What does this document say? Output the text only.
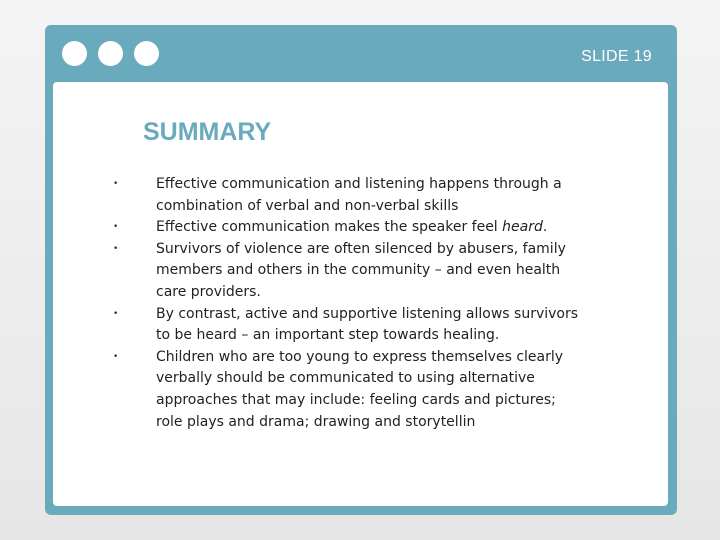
SLIDE 19
SUMMARY
•	Effective communication and listening happens through a combination of verbal and non-verbal skills
•	Effective communication makes the speaker feel heard.
•	Survivors of violence are often silenced by abusers, family members and others in the community – and even health care providers.
•	By contrast, active and supportive listening allows survivors to be heard – an important step towards healing.
•	Children who are too young to express themselves clearly verbally should be communicated to using alternative approaches that may include: feeling cards and pictures; role plays and drama; drawing and storytellin
